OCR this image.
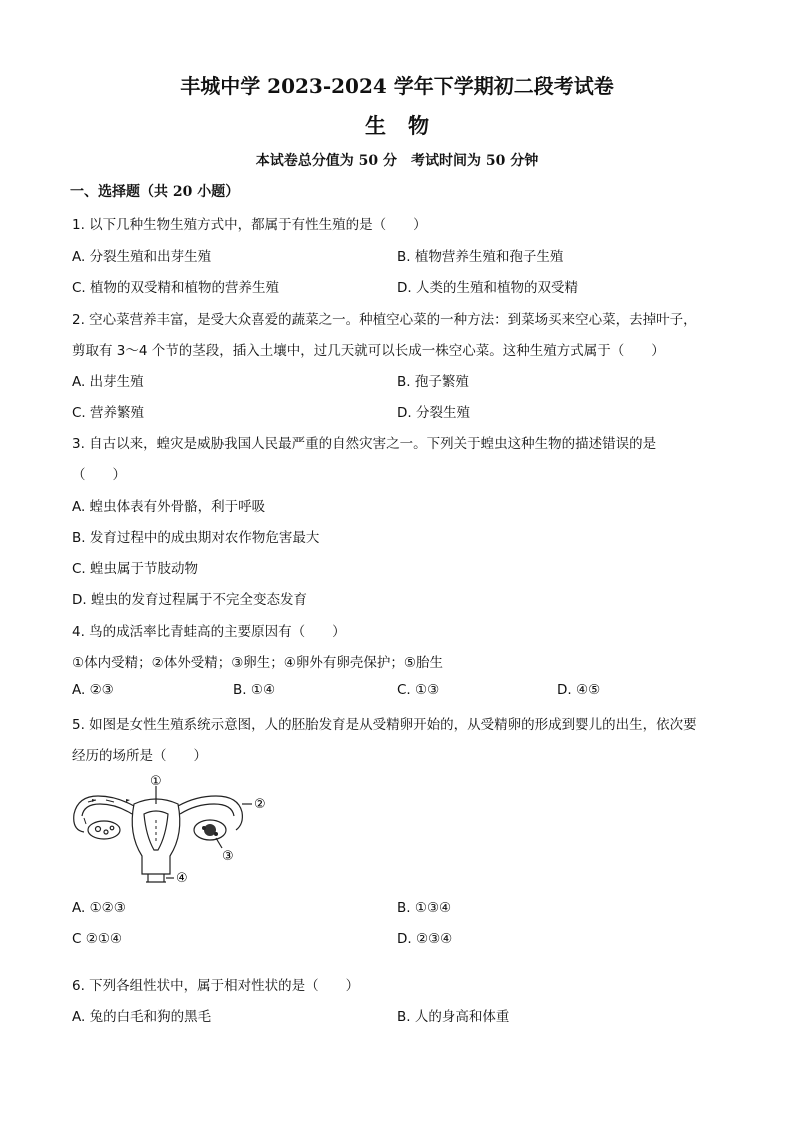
丰城中学 2023-2024 学年下学期初二段考试卷
生 物
本试卷总分值为 50 分 考试时间为 50 分钟
一、选择题（共 20 小题）
1. 以下几种生物生殖方式中，都属于有性生殖的是（　　）
A. 分裂生殖和出芽生殖	B. 植物营养生殖和孢子生殖
C. 植物的双受精和植物的营养生殖	D. 人类的生殖和植物的双受精
2. 空心菜营养丰富，是受大众喜爱的蔬菜之一。种植空心菜的一种方法：到菜场买来空心菜，去掉叶子，
剪取有 3～4 个节的茎段，插入土壤中，过几天就可以长成一株空心菜。这种生殖方式属于（　　）
A. 出芽生殖	B. 孢子繁殖
C. 营养繁殖	D. 分裂生殖
3. 自古以来，蝗灾是威胁我国人民最严重的自然灾害之一。下列关于蝗虫这种生物的描述错误的是
（　　）
A. 蝗虫体表有外骨骼，利于呼吸
B. 发育过程中的成虫期对农作物危害最大
C. 蝗虫属于节肢动物
D. 蝗虫的发育过程属于不完全变态发育
4. 鸟的成活率比青蛙高的主要原因有（　　）
①体内受精；②体外受精；③卵生；④卵外有卵壳保护；⑤胎生
A. ②③	B. ①④	C. ①③	D. ④⑤
5. 如图是女性生殖系统示意图，人的胚胎发育是从受精卵开始的，从受精卵的形成到婴儿的出生，依次要
经历的场所是（　　）
①
②
③
④
A. ①②③	B. ①③④
C ②①④	D. ②③④
6. 下列各组性状中，属于相对性状的是（　　）
A. 兔的白毛和狗的黑毛	B. 人的身高和体重
